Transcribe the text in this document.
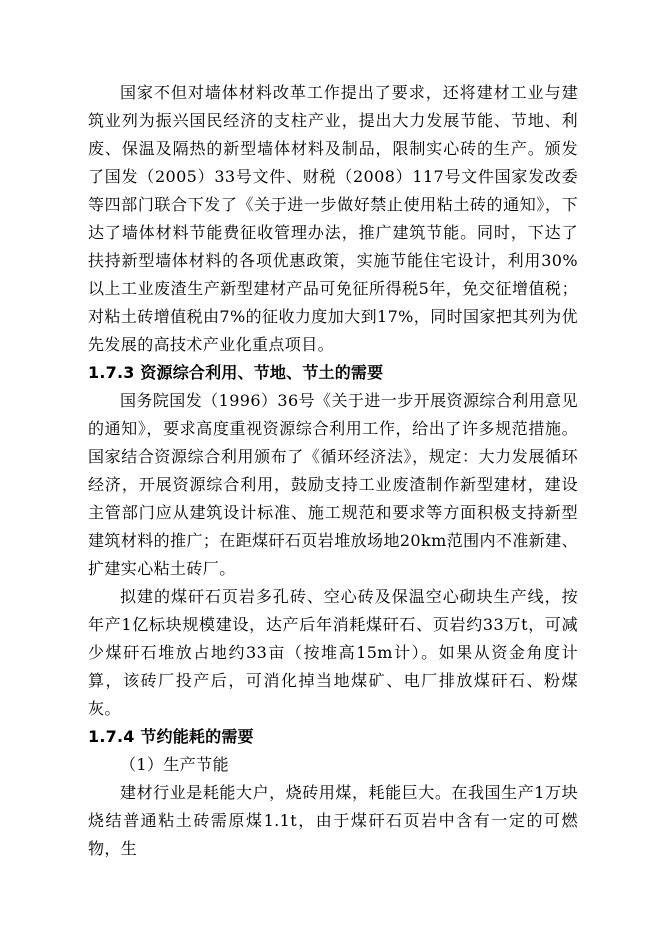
国家不但对墙体材料改革工作提出了要求，还将建材工业与建筑业列为振兴国民经济的支柱产业，提出大力发展节能、节地、利废、保温及隔热的新型墙体材料及制品，限制实心砖的生产。颁发了国发（2005）33号文件、财税（2008）117号文件国家发改委等四部门联合下发了《关于进一步做好禁止使用粘土砖的通知》，下达了墙体材料节能费征收管理办法，推广建筑节能。同时，下达了扶持新型墙体材料的各项优惠政策，实施节能住宅设计，利用30%以上工业废渣生产新型建材产品可免征所得税5年，免交征增值税；对粘土砖增值税由7%的征收力度加大到17%，同时国家把其列为优先发展的高技术产业化重点项目。

1.7.3 资源综合利用、节地、节土的需要

国务院国发（1996）36号《关于进一步开展资源综合利用意见的通知》，要求高度重视资源综合利用工作，给出了许多规范措施。国家结合资源综合利用颁布了《循环经济法》，规定：大力发展循环经济，开展资源综合利用，鼓励支持工业废渣制作新型建材，建设主管部门应从建筑设计标准、施工规范和要求等方面积极支持新型建筑材料的推广；在距煤矸石页岩堆放场地20km范围内不准新建、扩建实心粘土砖厂。

拟建的煤矸石页岩多孔砖、空心砖及保温空心砌块生产线，按年产1亿标块规模建设，达产后年消耗煤矸石、页岩约33万t，可减少煤矸石堆放占地约33亩（按堆高15m计）。如果从资金角度计算，该砖厂投产后，可消化掉当地煤矿、电厂排放煤矸石、粉煤灰。

1.7.4 节约能耗的需要

（1）生产节能

建材行业是耗能大户，烧砖用煤，耗能巨大。在我国生产1万块烧结普通粘土砖需原煤1.1t，由于煤矸石页岩中含有一定的可燃物，生
